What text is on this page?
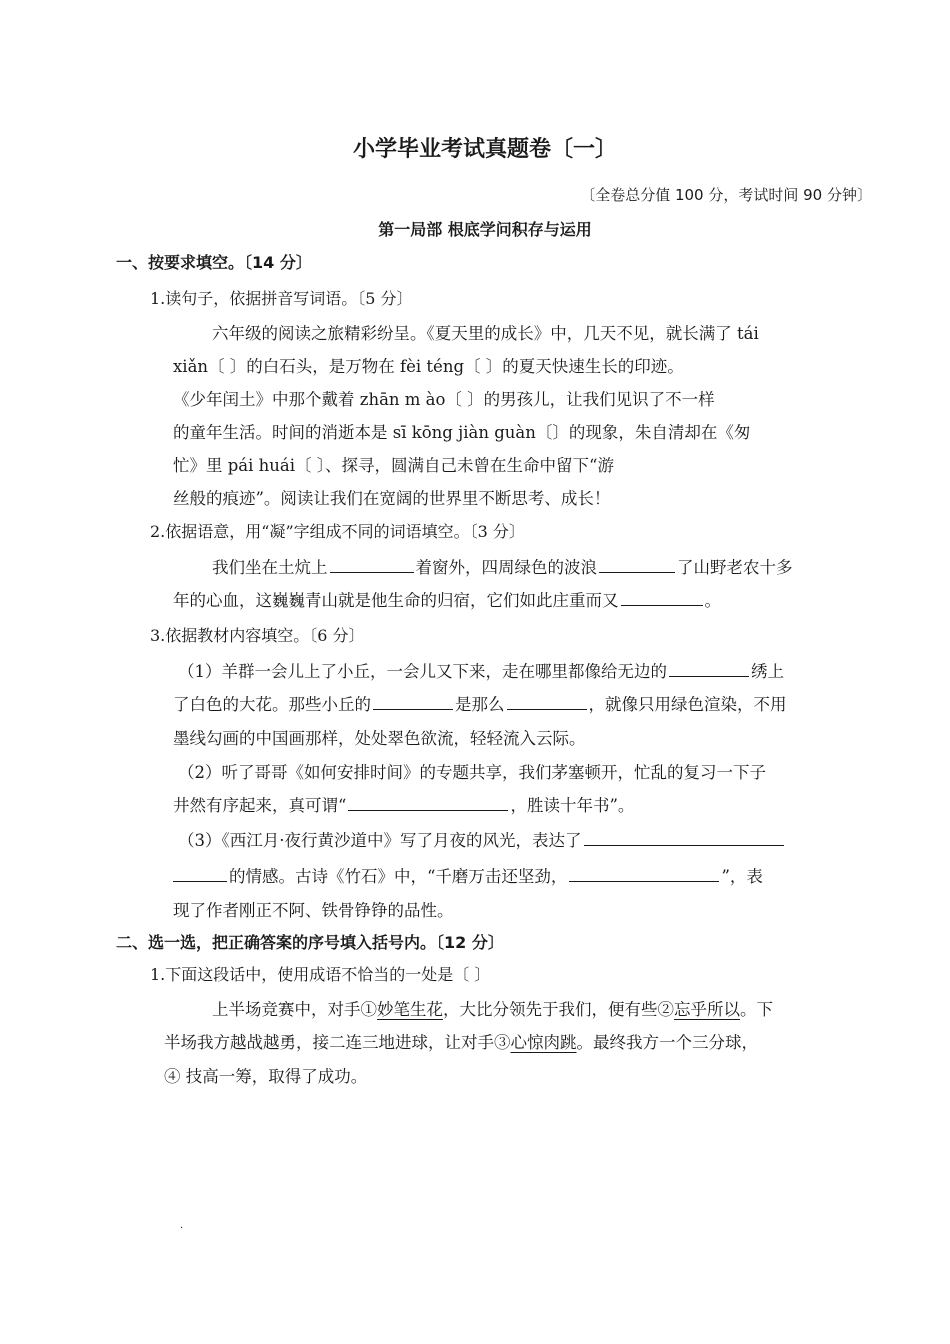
小学毕业考试真题卷〔一〕
〔全卷总分值 100 分，考试时间 90 分钟〕
第一局部 根底学问积存与运用
一、按要求填空。〔14 分〕
1.读句子，依据拼音写词语。〔5 分〕
六年级的阅读之旅精彩纷呈。《夏天里的成长》中，几天不见，就长满了 tái
xiǎn〔 〕的白石头，是万物在 fèi téng〔 〕的夏天快速生长的印迹。
《少年闰土》中那个戴着 zhān m ào〔 〕的男孩儿，让我们见识了不一样
的童年生活。时间的消逝本是 sī kōng jiàn guàn〔〕的现象，朱自清却在《匆
忙》里 pái huái〔 〕、探寻，圆满自己未曾在生命中留下“游
丝般的痕迹”。阅读让我们在宽阔的世界里不断思考、成长！
2.依据语意，用“凝”字组成不同的词语填空。〔3 分〕
我们坐在土炕上	着窗外，四周绿色的波浪	了山野老农十多
年的心血，这巍巍青山就是他生命的归宿，它们如此庄重而又	。
3.依据教材内容填空。〔6 分〕
（1）羊群一会儿上了小丘，一会儿又下来，走在哪里都像给无边的	绣上
了白色的大花。那些小丘的	是那么	，就像只用绿色渲染，不用
墨线勾画的中国画那样，处处翠色欲流，轻轻流入云际。
（2）听了哥哥《如何安排时间》的专题共享，我们茅塞顿开，忙乱的复习一下子
井然有序起来，真可谓“	，胜读十年书”。
（3）《西江月·夜行黄沙道中》写了月夜的风光，表达了
的情感。古诗《竹石》中，“千磨万击还坚劲，	”，表
现了作者刚正不阿、铁骨铮铮的品性。
二、选一选，把正确答案的序号填入括号内。〔12 分〕
1.下面这段话中，使用成语不恰当的一处是〔 〕
上半场竞赛中，对手①妙笔生花，大比分领先于我们，便有些②忘乎所以。下
半场我方越战越勇，接二连三地进球，让对手③心惊肉跳。最终我方一个三分球，
④ 技高一筹，取得了成功。
.
